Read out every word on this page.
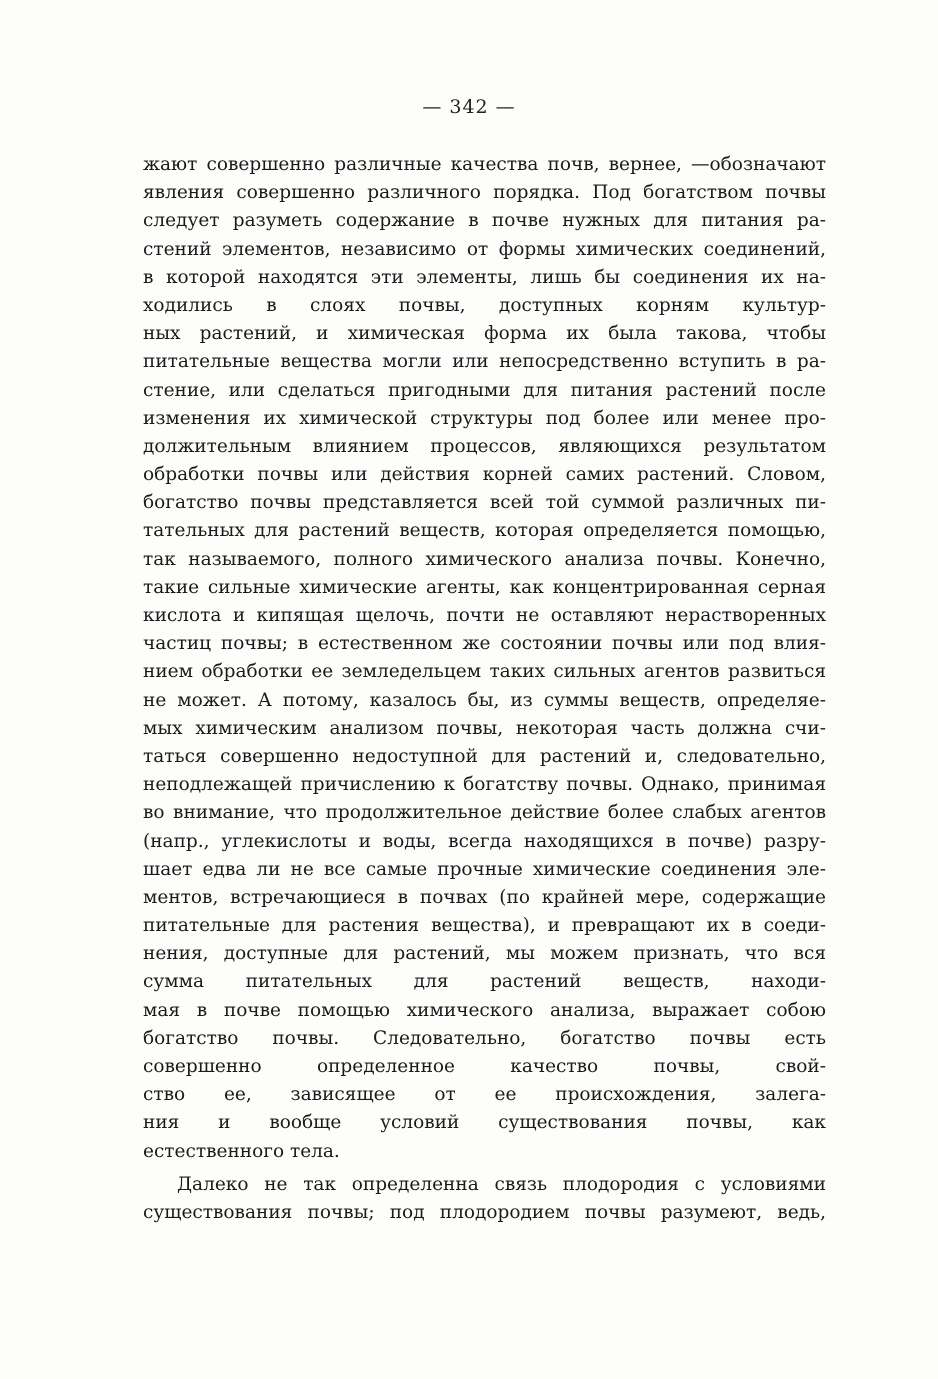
— 342 —
жают совершенно различные качества почв, вернее, —обозначают
явления совершенно различного порядка. Под богатством почвы
следует разуметь содержание в почве нужных для питания ра-
стений элементов, независимо от формы химических соединений,
в которой находятся эти элементы, лишь бы соединения их на-
ходились в слоях почвы, доступных корням культур-
ных растений, и химическая форма их была такова, чтобы
питательные вещества могли или непосредственно вступить в ра-
стение, или сделаться пригодными для питания растений после
изменения их химической структуры под более или менее про-
должительным влиянием процессов, являющихся результатом
обработки почвы или действия корней самих растений. Словом,
богатство почвы представляется всей той суммой различных пи-
тательных для растений веществ, которая определяется помощью,
так называемого, полного химического анализа почвы. Конечно,
такие сильные химические агенты, как концентрированная серная
кислота и кипящая щелочь, почти не оставляют нерастворенных
частиц почвы; в естественном же состоянии почвы или под влия-
нием обработки ее земледельцем таких сильных агентов развиться
не может. А потому, казалось бы, из суммы веществ, определяе-
мых химическим анализом почвы, некоторая часть должна счи-
таться совершенно недоступной для растений и, следовательно,
неподлежащей причислению к богатству почвы. Однако, принимая
во внимание, что продолжительное действие более слабых агентов
(напр., углекислоты и воды, всегда находящихся в почве) разру-
шает едва ли не все самые прочные химические соединения эле-
ментов, встречающиеся в почвах (по крайней мере, содержащие
питательные для растения вещества), и превращают их в соеди-
нения, доступные для растений, мы можем признать, что вся
сумма питательных для растений веществ, находи-
мая в почве помощью химического анализа, выражает собою
богатство почвы. Следовательно, богатство почвы есть
совершенно определенное качество почвы, свой-
ство ее, зависящее от ее происхождения, залега-
ния и вообще условий существования почвы, как
естественного тела.
Далеко не так определенна связь плодородия с условиями
существования почвы; под плодородием почвы разумеют, ведь,
